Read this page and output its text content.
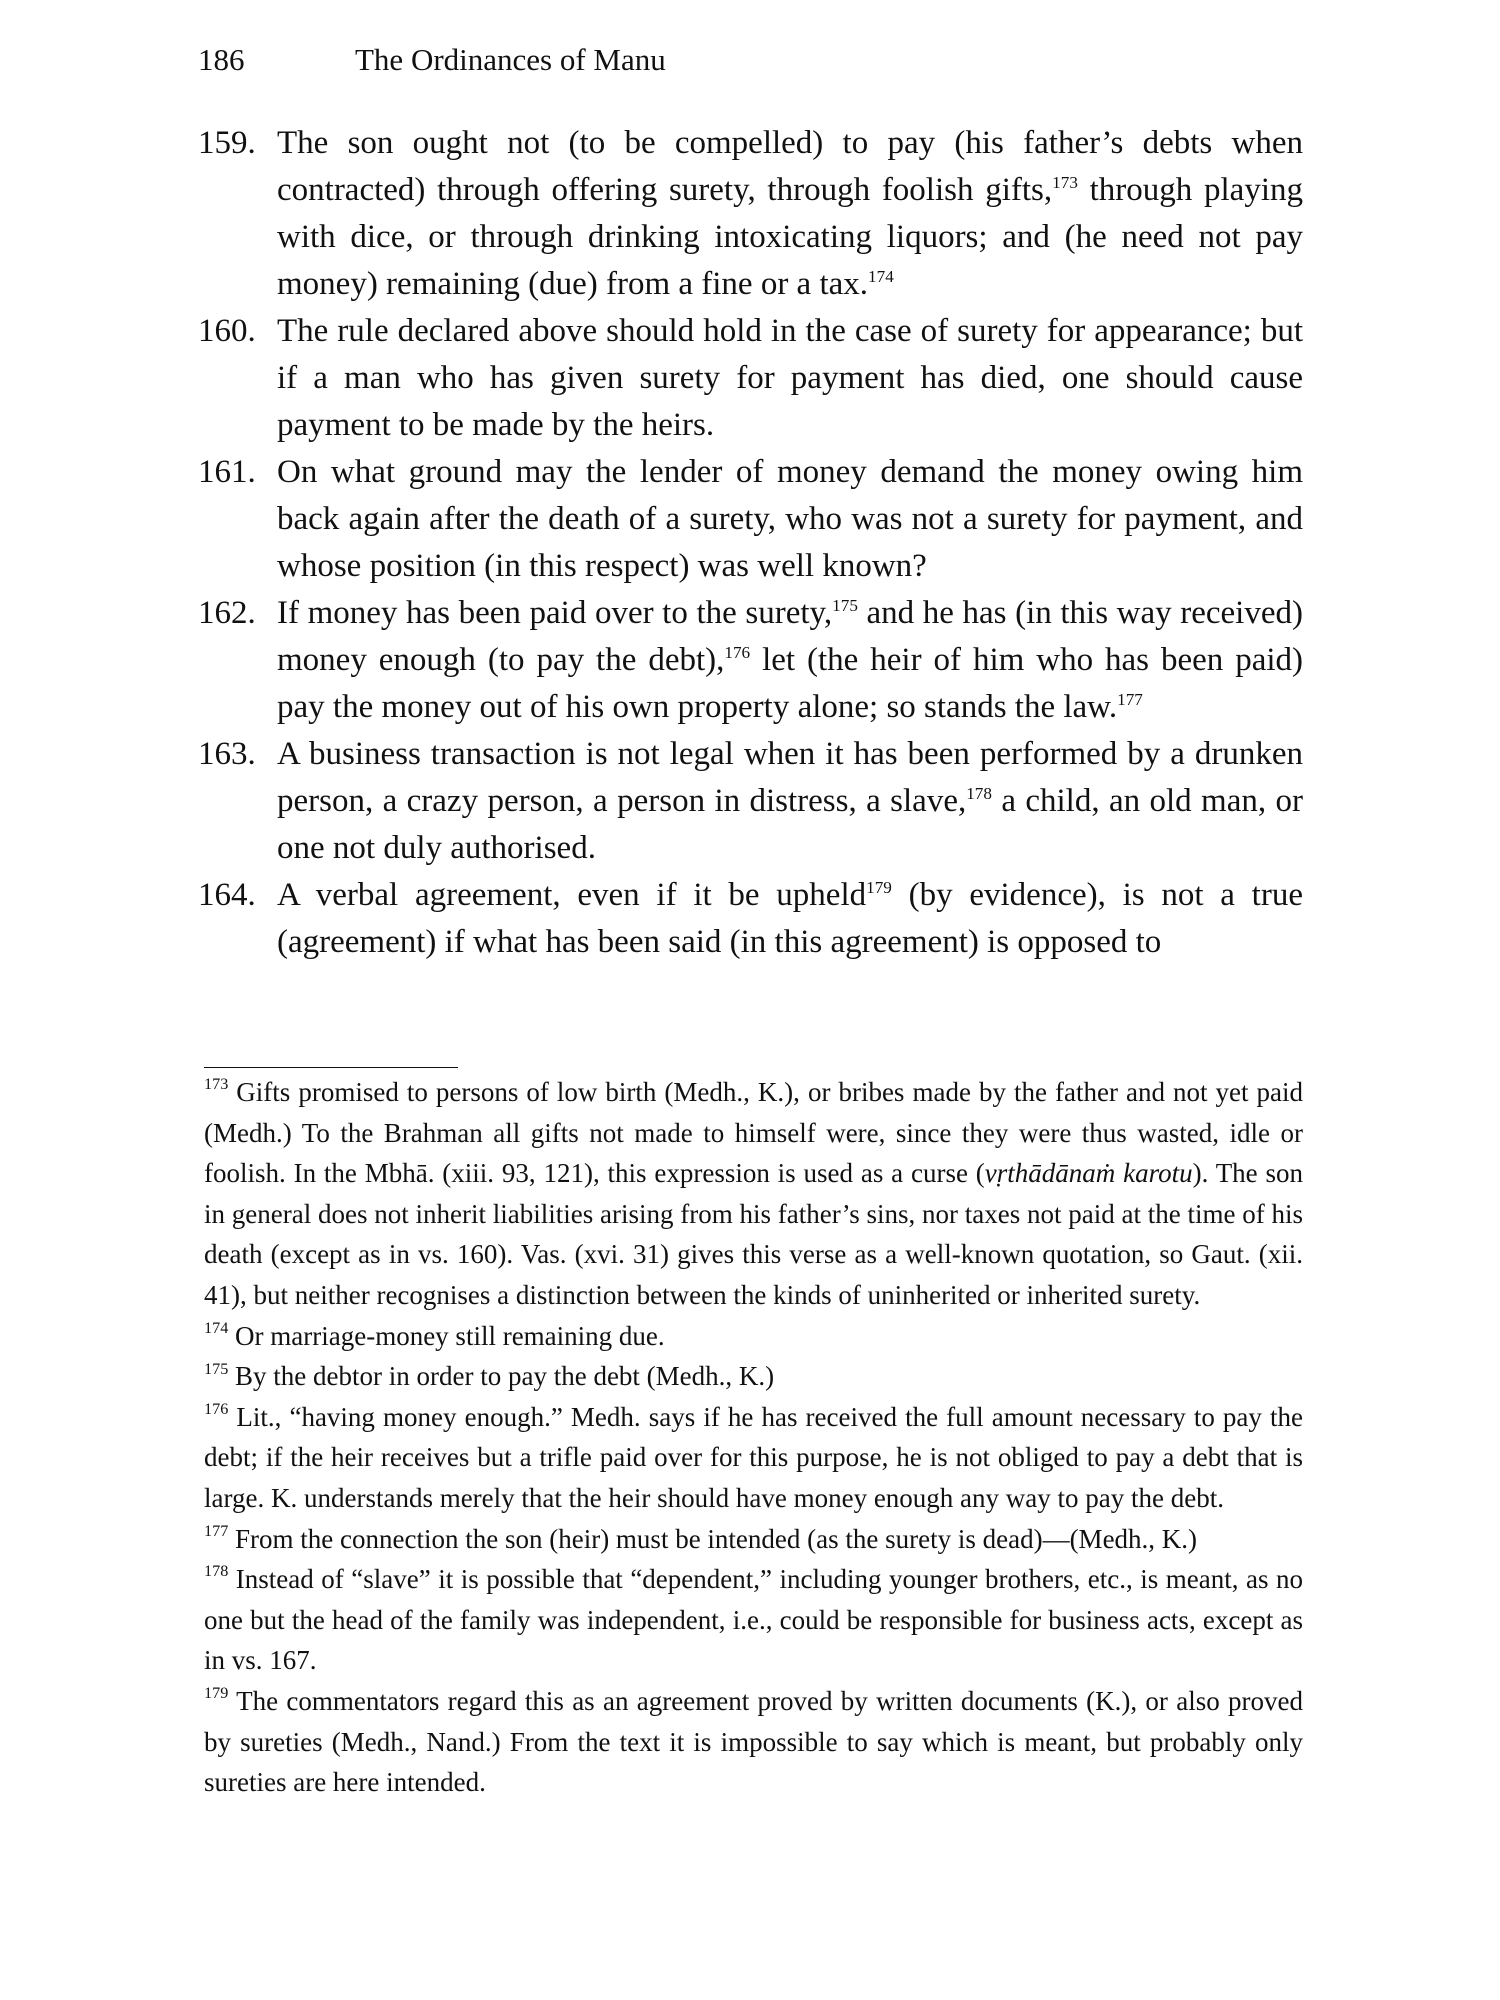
186	The Ordinances of Manu
159. The son ought not (to be compelled) to pay (his father’s debts when contracted) through offering surety, through foolish gifts,$^{173}$ through playing with dice, or through drinking intoxicating liquors; and (he need not pay money) remaining (due) from a fine or a tax.$^{174}$
160. The rule declared above should hold in the case of surety for appearance; but if a man who has given surety for payment has died, one should cause payment to be made by the heirs.
161. On what ground may the lender of money demand the money owing him back again after the death of a surety, who was not a surety for payment, and whose position (in this respect) was well known?
162. If money has been paid over to the surety,$^{175}$ and he has (in this way received) money enough (to pay the debt),$^{176}$ let (the heir of him who has been paid) pay the money out of his own property alone; so stands the law.$^{177}$
163. A business transaction is not legal when it has been performed by a drunken person, a crazy person, a person in distress, a slave,$^{178}$ a child, an old man, or one not duly authorised.
164. A verbal agreement, even if it be upheld$^{179}$ (by evidence), is not a true (agreement) if what has been said (in this agreement) is opposed to
$^{173}$ Gifts promised to persons of low birth (Medh., K.), or bribes made by the father and not yet paid (Medh.) To the Brahman all gifts not made to himself were, since they were thus wasted, idle or foolish. In the Mbhā. (xiii. 93, 121), this expression is used as a curse (vṛthādānaṁ karotu). The son in general does not inherit liabilities arising from his father’s sins, nor taxes not paid at the time of his death (except as in vs. 160). Vas. (xvi. 31) gives this verse as a well-known quotation, so Gaut. (xii. 41), but neither recognises a distinction between the kinds of uninherited or inherited surety.
$^{174}$ Or marriage-money still remaining due.
$^{175}$ By the debtor in order to pay the debt (Medh., K.)
$^{176}$ Lit., “having money enough.” Medh. says if he has received the full amount necessary to pay the debt; if the heir receives but a trifle paid over for this purpose, he is not obliged to pay a debt that is large. K. understands merely that the heir should have money enough any way to pay the debt.
$^{177}$ From the connection the son (heir) must be intended (as the surety is dead)—(Medh., K.)
$^{178}$ Instead of “slave” it is possible that “dependent,” including younger brothers, etc., is meant, as no one but the head of the family was independent, i.e., could be responsible for business acts, except as in vs. 167.
$^{179}$ The commentators regard this as an agreement proved by written documents (K.), or also proved by sureties (Medh., Nand.) From the text it is impossible to say which is meant, but probably only sureties are here intended.
